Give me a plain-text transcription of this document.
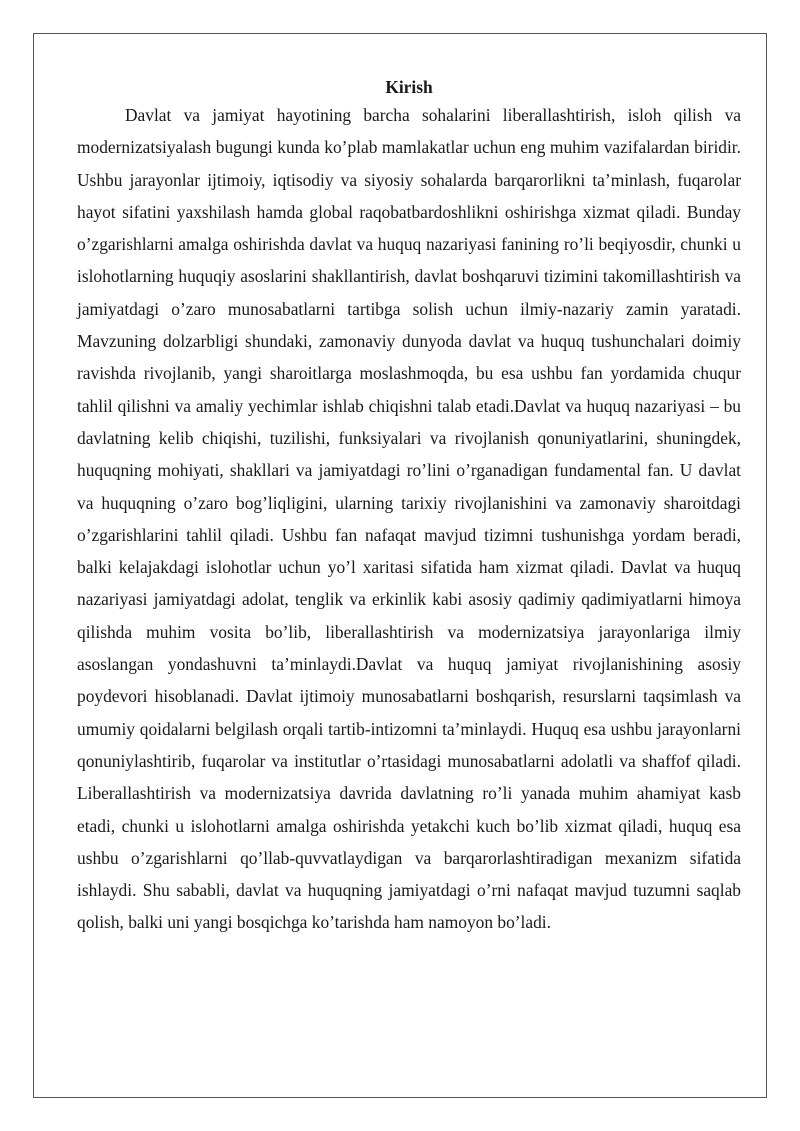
Kirish

Davlat va jamiyat hayotining barcha sohalarini liberallashtirish, isloh qilish va modernizatsiyalash bugungi kunda ko’plab mamlakatlar uchun eng muhim vazifalardan biridir. Ushbu jarayonlar ijtimoiy, iqtisodiy va siyosiy sohalarda barqarorlikni ta’minlash, fuqarolar hayot sifatini yaxshilash hamda global raqobatbardoshlikni oshirishga xizmat qiladi. Bunday o’zgarishlarni amalga oshirishda davlat va huquq nazariyasi fanining ro’li beqiyosdir, chunki u islohotlarning huquqiy asoslarini shakllantirish, davlat boshqaruvi tizimini takomillashtirish va jamiyatdagi o’zaro munosabatlarni tartibga solish uchun ilmiy-nazariy zamin yaratadi. Mavzuning dolzarbligi shundaki, zamonaviy dunyoda davlat va huquq tushunchalari doimiy ravishda rivojlanib, yangi sharoitlarga moslashmoqda, bu esa ushbu fan yordamida chuqur tahlil qilishni va amaliy yechimlar ishlab chiqishni talab etadi.Davlat va huquq nazariyasi – bu davlatning kelib chiqishi, tuzilishi, funksiyalari va rivojlanish qonuniyatlarini, shuningdek, huquqning mohiyati, shakllari va jamiyatdagi ro’lini o’rganadigan fundamental fan. U davlat va huquqning o’zaro bog’liqligini, ularning tarixiy rivojlanishini va zamonaviy sharoitdagi o’zgarishlarini tahlil qiladi. Ushbu fan nafaqat mavjud tizimni tushunishga yordam beradi, balki kelajakdagi islohotlar uchun yo’l xaritasi sifatida ham xizmat qiladi. Davlat va huquq nazariyasi jamiyatdagi adolat, tenglik va erkinlik kabi asosiy qadimiy qadimiyatlarni himoya qilishda muhim vosita bo’lib, liberallashtirish va modernizatsiya jarayonlariga ilmiy asoslangan yondashuvni ta’minlaydi.Davlat va huquq jamiyat rivojlanishining asosiy poydevori hisoblanadi. Davlat ijtimoiy munosabatlarni boshqarish, resurslarni taqsimlash va umumiy qoidalarni belgilash orqali tartib-intizomni ta’minlaydi. Huquq esa ushbu jarayonlarni qonuniylashtirib, fuqarolar va institutlar o’rtasidagi munosabatlarni adolatli va shaffof qiladi. Liberallashtirish va modernizatsiya davrida davlatning ro’li yanada muhim ahamiyat kasb etadi, chunki u islohotlarni amalga oshirishda yetakchi kuch bo’lib xizmat qiladi, huquq esa ushbu o’zgarishlarni qo’llab-quvvatlaydigan va barqarorlashtiradigan mexanizm sifatida ishlaydi. Shu sababli, davlat va huquqning jamiyatdagi o’rni nafaqat mavjud tuzumni saqlab qolish, balki uni yangi bosqichga ko’tarishda ham namoyon bo’ladi.
